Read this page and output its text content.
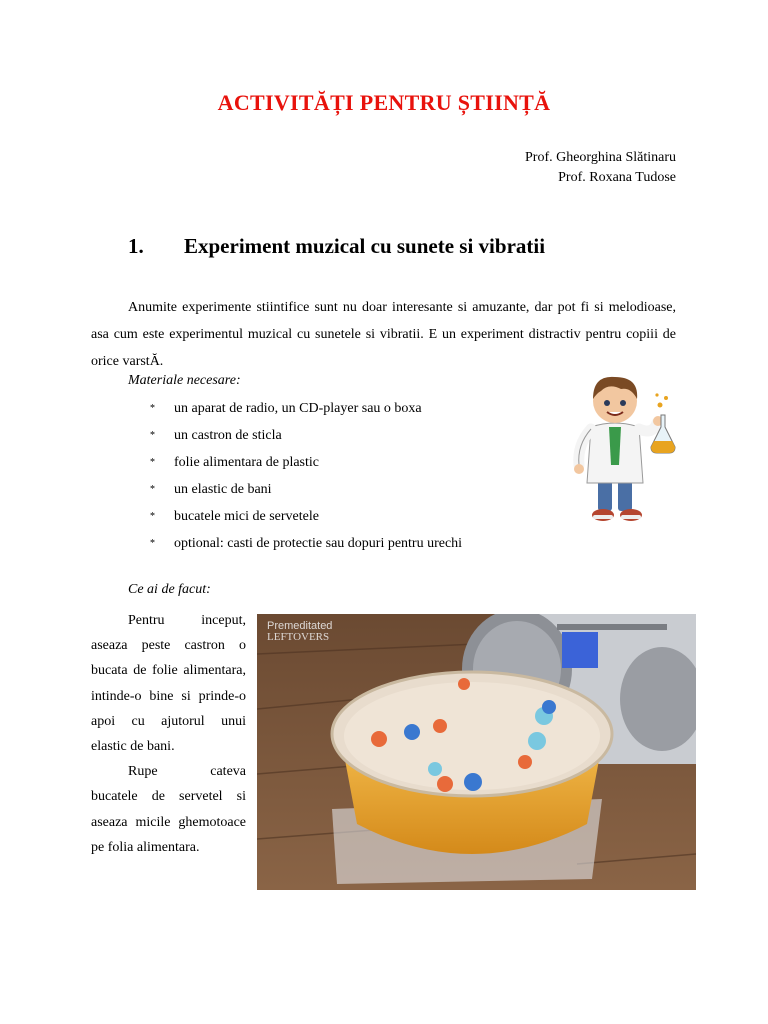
ACTIVITĂȚI PENTRU ȘTIINȚĂ
Prof. Gheorghina Slătinaru
Prof. Roxana Tudose
1. Experiment muzical cu sunete si vibratii
Anumite experimente stiintifice sunt nu doar interesante si amuzante, dar pot fi si melodioase, asa cum este experimentul muzical cu sunetele si vibratii. E un experiment distractiv pentru copiii de orice varstĂ.
Materiale necesare:
* un aparat de radio, un CD-player sau o boxa
* un castron de sticla
* folie alimentara de plastic
* un elastic de bani
* bucatele mici de servetele
* optional: casti de protectie sau dopuri pentru urechi
Ce ai de facut:

Pentru inceput, aseaza peste castron o bucata de folie alimentara, intinde-o bine si prinde-o apoi cu ajutorul unui elastic de bani.

Rupe cateva bucatele de servetel si aseaza micile ghemotoace pe folia alimentara.

Premeditated
LEFTOVERS
